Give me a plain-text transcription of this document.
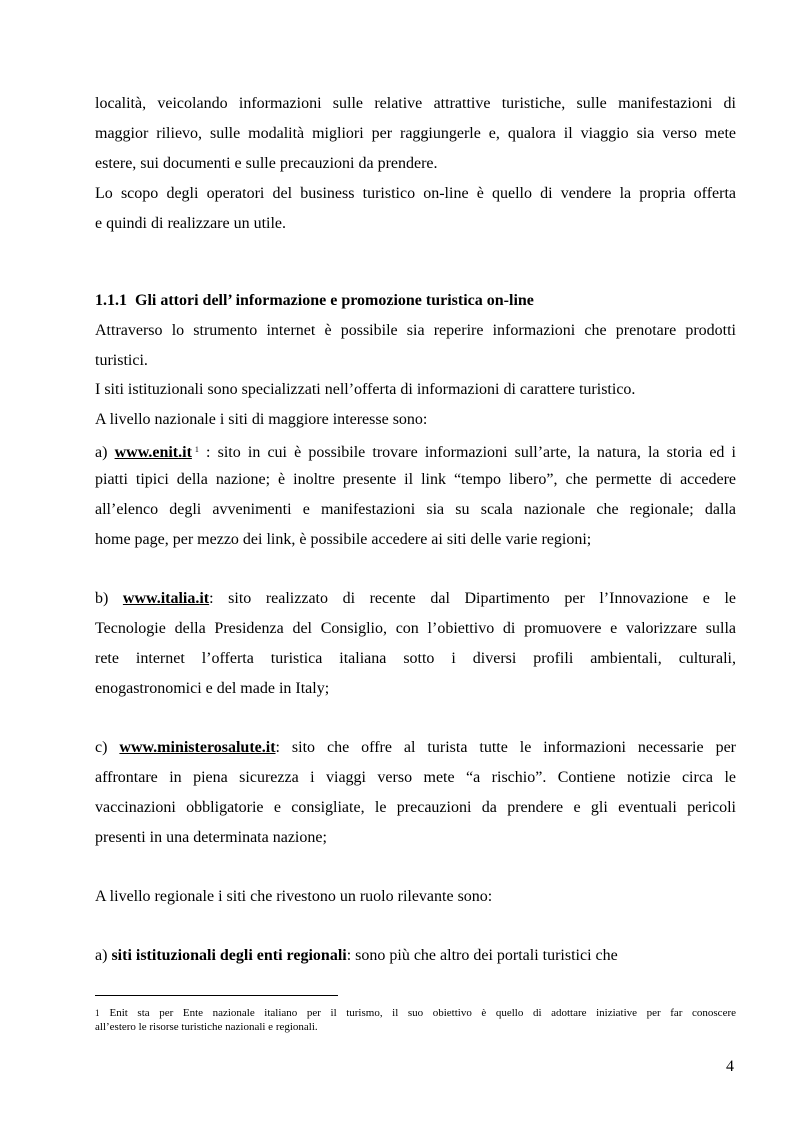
località, veicolando informazioni sulle relative attrattive turistiche, sulle manifestazioni di
maggior rilievo, sulle modalità migliori per raggiungerle e, qualora il viaggio sia verso mete
estere, sui documenti e sulle precauzioni da prendere.
Lo scopo degli operatori del business turistico on-line è quello di vendere la propria offerta
e quindi di realizzare un utile.
1.1.1 Gli attori dell’ informazione e promozione turistica on-line
Attraverso lo strumento internet è possibile sia reperire informazioni che prenotare prodotti
turistici.
I siti istituzionali sono specializzati nell’offerta di informazioni di carattere turistico.
A livello nazionale i siti di maggiore interesse sono:
a) www.enit.it $^1$ : sito in cui è possibile trovare informazioni sull’arte, la natura, la storia ed i
piatti tipici della nazione; è inoltre presente il link “tempo libero”, che permette di accedere
all’elenco degli avvenimenti e manifestazioni sia su scala nazionale che regionale; dalla
home page, per mezzo dei link, è possibile accedere ai siti delle varie regioni;
b) www.italia.it: sito realizzato di recente dal Dipartimento per l’Innovazione e le
Tecnologie della Presidenza del Consiglio, con l’obiettivo di promuovere e valorizzare sulla
rete internet l’offerta turistica italiana sotto i diversi profili ambientali, culturali,
enogastronomici e del made in Italy;
c) www.ministerosalute.it: sito che offre al turista tutte le informazioni necessarie per
affrontare in piena sicurezza i viaggi verso mete “a rischio”. Contiene notizie circa le
vaccinazioni obbligatorie e consigliate, le precauzioni da prendere e gli eventuali pericoli
presenti in una determinata nazione;
A livello regionale i siti che rivestono un ruolo rilevante sono:
a) siti istituzionali degli enti regionali: sono più che altro dei portali turistici che
1 Enit sta per Ente nazionale italiano per il turismo, il suo obiettivo è quello di adottare iniziative per far conoscere
all’estero le risorse turistiche nazionali e regionali.
4
